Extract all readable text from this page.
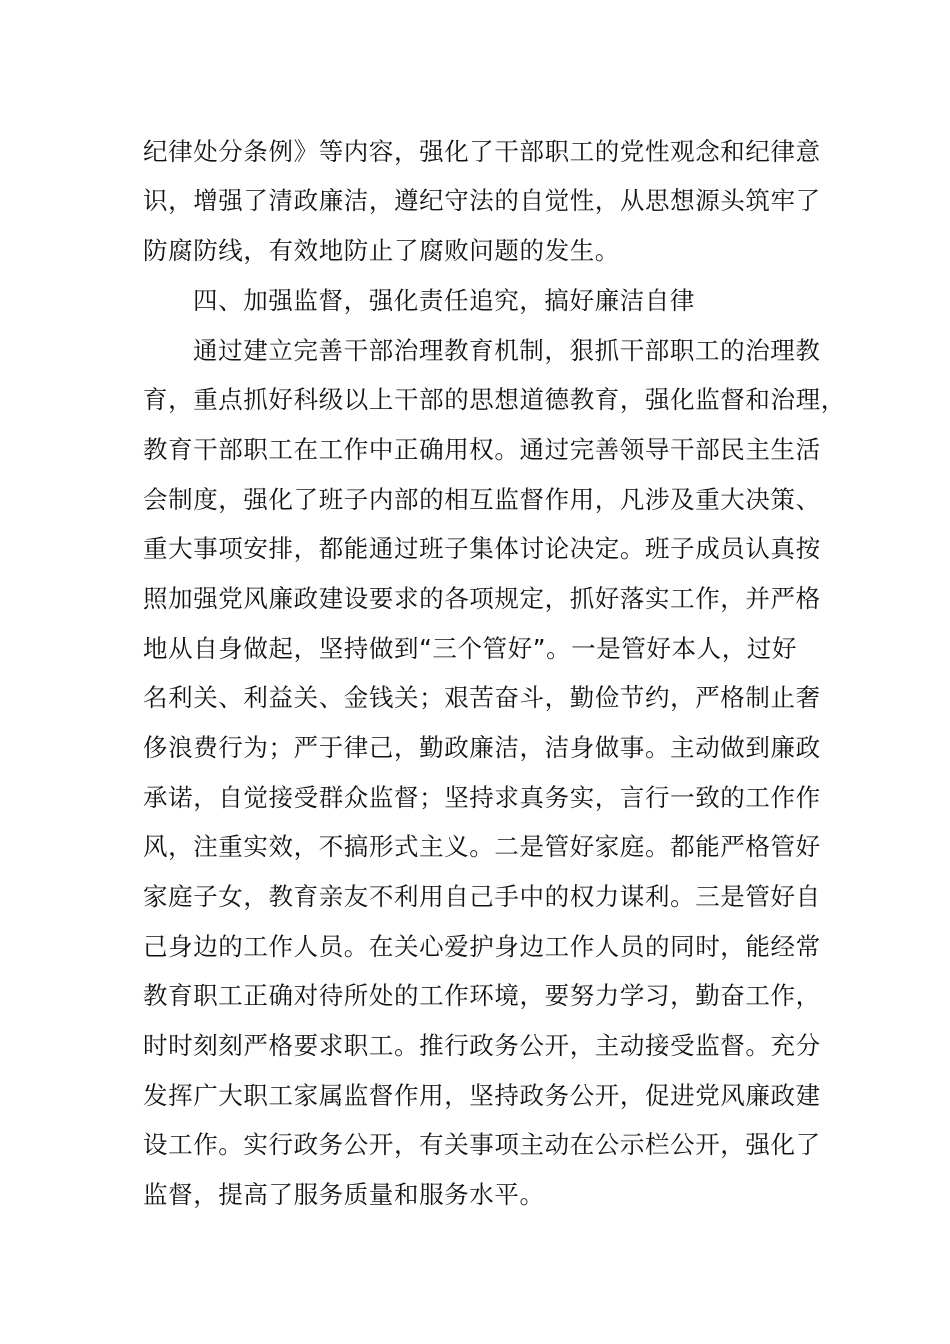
纪律处分条例》等内容，强化了干部职工的党性观念和纪律意
识，增强了清政廉洁，遵纪守法的自觉性，从思想源头筑牢了
防腐防线，有效地防止了腐败问题的发生。
四、加强监督，强化责任追究，搞好廉洁自律
通过建立完善干部治理教育机制，狠抓干部职工的治理教
育，重点抓好科级以上干部的思想道德教育，强化监督和治理，
教育干部职工在工作中正确用权。通过完善领导干部民主生活
会制度，强化了班子内部的相互监督作用，凡涉及重大决策、
重大事项安排，都能通过班子集体讨论决定。班子成员认真按
照加强党风廉政建设要求的各项规定，抓好落实工作，并严格
地从自身做起，坚持做到“三个管好”。一是管好本人，过好
名利关、利益关、金钱关；艰苦奋斗，勤俭节约，严格制止奢
侈浪费行为；严于律己，勤政廉洁，洁身做事。主动做到廉政
承诺，自觉接受群众监督；坚持求真务实，言行一致的工作作
风，注重实效，不搞形式主义。二是管好家庭。都能严格管好
家庭子女，教育亲友不利用自己手中的权力谋利。三是管好自
己身边的工作人员。在关心爱护身边工作人员的同时，能经常
教育职工正确对待所处的工作环境，要努力学习，勤奋工作，
时时刻刻严格要求职工。推行政务公开，主动接受监督。充分
发挥广大职工家属监督作用，坚持政务公开，促进党风廉政建
设工作。实行政务公开，有关事项主动在公示栏公开，强化了
监督，提高了服务质量和服务水平。
